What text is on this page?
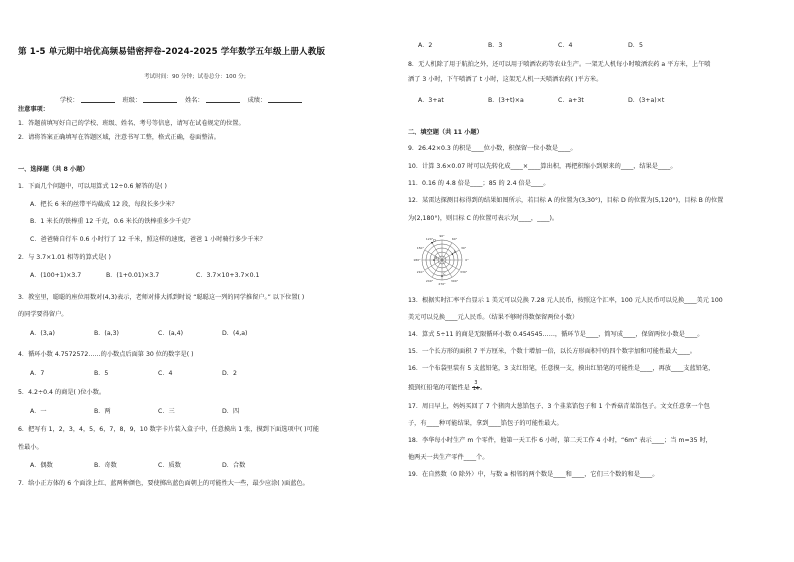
第 1-5 单元期中培优高频易错密押卷-2024-2025 学年数学五年级上册人教版
考试时间：90 分钟；试卷总分：100 分；
学校：	班级：	姓名：	成绩：
注意事项：
1．答题前填写好自己的学校、班级、姓名、考号等信息，请写在试卷规定的位置。
2．请将答案正确填写在答题区域，注意书写工整，格式正确，卷面整洁。
一、选择题（共 8 小题）
1．下面几个问题中，可以用算式 12÷0.6 解答的是( )
A．把长 6 米的丝带平均截成 12 段，每段长多少米？
B．1 米长的铁棒重 12 千克，0.6 米长的铁棒重多少千克？
C．爸爸骑自行车 0.6 小时行了 12 千米，照这样的速度，爸爸 1 小时骑行多少千米？
2．与 3.7×1.01 相等的算式是( )
A．(100+1)×3.7	B．(1+0.01)×3.7	C．3.7×10+3.7×0.1
3．教室里，聪聪的座位用数对(4,3)表示，老师对排大抓到时说 “聪聪这一列的同学推留户。” 以下位置( )
的同学要得留户。
A．(3,a)	B．(a,3)	C．(a,4)	D．(4,a)
4．循环小数 4.7572572……的小数点后面第 30 位的数字是( )
A．7	B．5	C．4	D．2
5．4.2÷0.4 的商是( )位小数。
A．一	B．两	C．三	D．四
6．把写有 1，2，3，4，5，6，7，8，9，10 数字卡片装入盒子中，任意摸出 1 张，摸到下面选项中( )可能
性最小。
A．偶数	B．奇数	C．质数	D．合数
7．给小正方体的 6 个面涂上红、蓝两种颜色，要使掷出蓝色面朝上的可能性大一些，最少应涂( )面蓝色。
A．2	B．3	C．4	D．5
8．无人机除了用于航拍之外，还可以用于喷洒农药等农业生产。一架无人机每小时喷洒农药 a 平方米，上午喷
洒了 3 小时，下午喷洒了 t 小时，这架无人机一天喷洒农药( )平方米。
A．3+at	B．(3+t)×a	C．a+3t	D．(3+a)×t
二、填空题（共 11 小题）
9．26.42×0.3 的积是____位小数，积保留一位小数是____。
10．计算 3.6×0.07 时可以先转化成____×____算出积，再把积缩小到原来的____，结果是____。
11．0.16 的 4.8 倍是____；85 的 2.4 倍是____。
12．某雷达探测目标得到的结果如图所示，若目标 A 的位置为(3,30°)，目标 D 的位置为(5,120°)，目标 B 的位置
为(2,180°)，则目标 C 的位置可表示为(____，____)。
90°
60°
30°
0°
330°
300°
270°
240°
210°
180°
150°
120°
A
B
C
D
13．根据实时汇率平台显示 1 美元可以兑换 7.28 元人民币，按照这个汇率，100 元人民币可以兑换____美元 100
美元可以兑换____元人民币。（结果不够时得数保留两位小数）
14．算式 5÷11 的商是无限循环小数 0.454545……，循环节是____，简写成____，保留两位小数是____。
15．一个长方形的面积 7 平方厘米，个数十增加一倍，以长方形面积中的四个数字加和可能性最大____。
16．一个布袋里装有 5 支蓝铅笔，3 支红铅笔，任意摸一支，摸出红铅笔的可能性是____，再放____支蓝铅笔，
摸到红铅笔的可能性是 $\frac{3}{14}$ 。
17．周日早上，妈妈买回了 7 个猪肉大葱馅包子、3 个韭菜馅包子和 1 个香菇青菜馅包子。文文任意拿一个包
子，有____种可能结果，拿到____馅包子的可能性最大。
18．李华每小时生产 m 个零件，他第一天工作 6 小时，第二天工作 4 小时，“6m” 表示____；当 m=35 时，
他两天一共生产零件____个。
19．在自然数（0 除外）中，与数 a 相邻的两个数是____和____，它们三个数的和是____。
